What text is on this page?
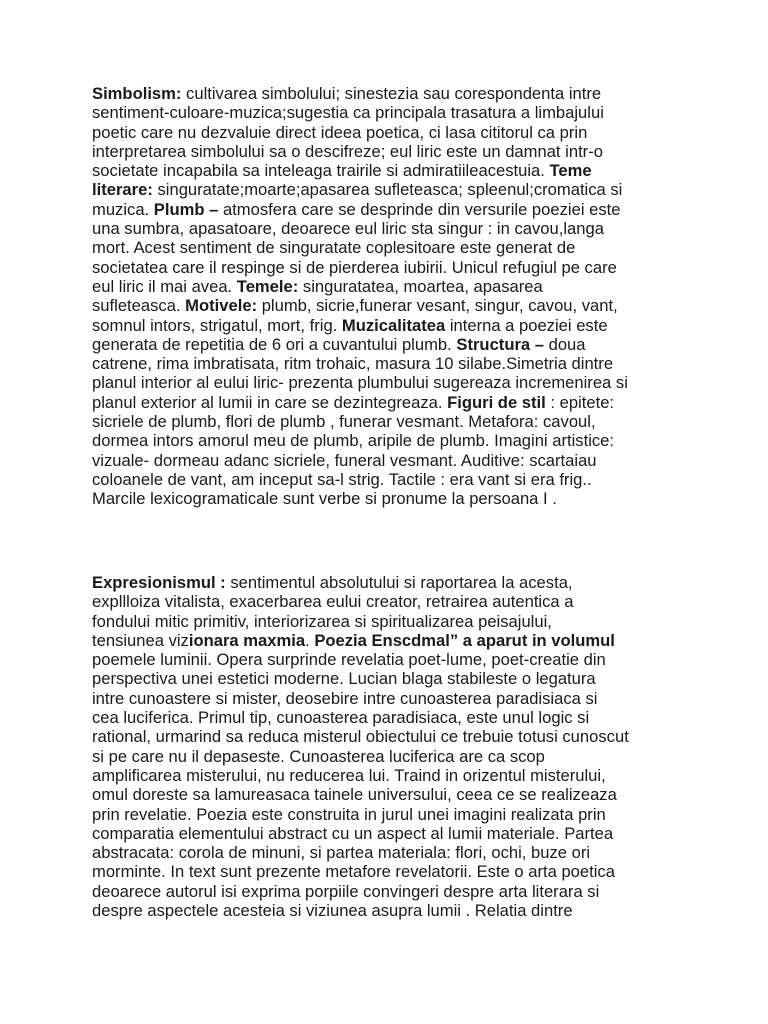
Simbolism: cultivarea simbolului; sinestezia sau corespondenta intre
sentiment-culoare-muzica;sugestia ca principala trasatura a limbajului
poetic care nu dezvaluie direct ideea poetica, ci lasa cititorul ca prin
interpretarea simbolului sa o descifreze; eul liric este un damnat intr-o
societate incapabila sa inteleaga trairile si admiratiileacestuia. Teme
literare: singuratate;moarte;apasarea sufleteasca; spleenul;cromatica si
muzica. Plumb – atmosfera care se desprinde din versurile poeziei este
una sumbra, apasatoare, deoarece eul liric sta singur : in cavou,langa
mort. Acest sentiment de singuratate coplesitoare este generat de
societatea care il respinge si de pierderea iubirii. Unicul refugiul pe care
eul liric il mai avea. Temele: singuratatea, moartea, apasarea
sufleteasca. Motivele: plumb, sicrie,funerar vesant, singur, cavou, vant,
somnul intors, strigatul, mort, frig. Muzicalitatea interna a poeziei este
generata de repetitia de 6 ori a cuvantului plumb. Structura – doua
catrene, rima imbratisata, ritm trohaic, masura 10 silabe.Simetria dintre
planul interior al eului liric- prezenta plumbului sugereaza incremenirea si
planul exterior al lumii in care se dezintegreaza. Figuri de stil : epitete:
sicriele de plumb, flori de plumb , funerar vesmant. Metafora: cavoul,
dormea intors amorul meu de plumb, aripile de plumb. Imagini artistice:
vizuale- dormeau adanc sicriele, funeral vesmant. Auditive: scartaiau
coloanele de vant, am inceput sa-l strig. Tactile : era vant si era frig..
Marcile lexicogramaticale sunt verbe si pronume la persoana I .
Expresionismul : sentimentul absolutului si raportarea la acesta,
expllloiza vitalista, exacerbarea eului creator, retrairea autentica a
fondului mitic primitiv, interiorizarea si spiritualizarea peisajului,
tensiunea vizionara maxmia. Poezia Enscdmal” a aparut in volumul
poemele luminii. Opera surprinde revelatia poet-lume, poet-creatie din
perspectiva unei estetici moderne. Lucian blaga stabileste o legatura
intre cunoastere si mister, deosebire intre cunoasterea paradisiaca si
cea luciferica. Primul tip, cunoasterea paradisiaca, este unul logic si
rational, urmarind sa reduca misterul obiectului ce trebuie totusi cunoscut
si pe care nu il depaseste. Cunoasterea luciferica are ca scop
amplificarea misterului, nu reducerea lui. Traind in orizentul misterului,
omul doreste sa lamureasaca tainele universului, ceea ce se realizeaza
prin revelatie. Poezia este construita in jurul unei imagini realizata prin
comparatia elementului abstract cu un aspect al lumii materiale. Partea
abstracata: corola de minuni, si partea materiala: flori, ochi, buze ori
morminte. In text sunt prezente metafore revelatorii. Este o arta poetica
deoarece autorul isi exprima porpiile convingeri despre arta literara si
despre aspectele acesteia si viziunea asupra lumii . Relatia dintre
